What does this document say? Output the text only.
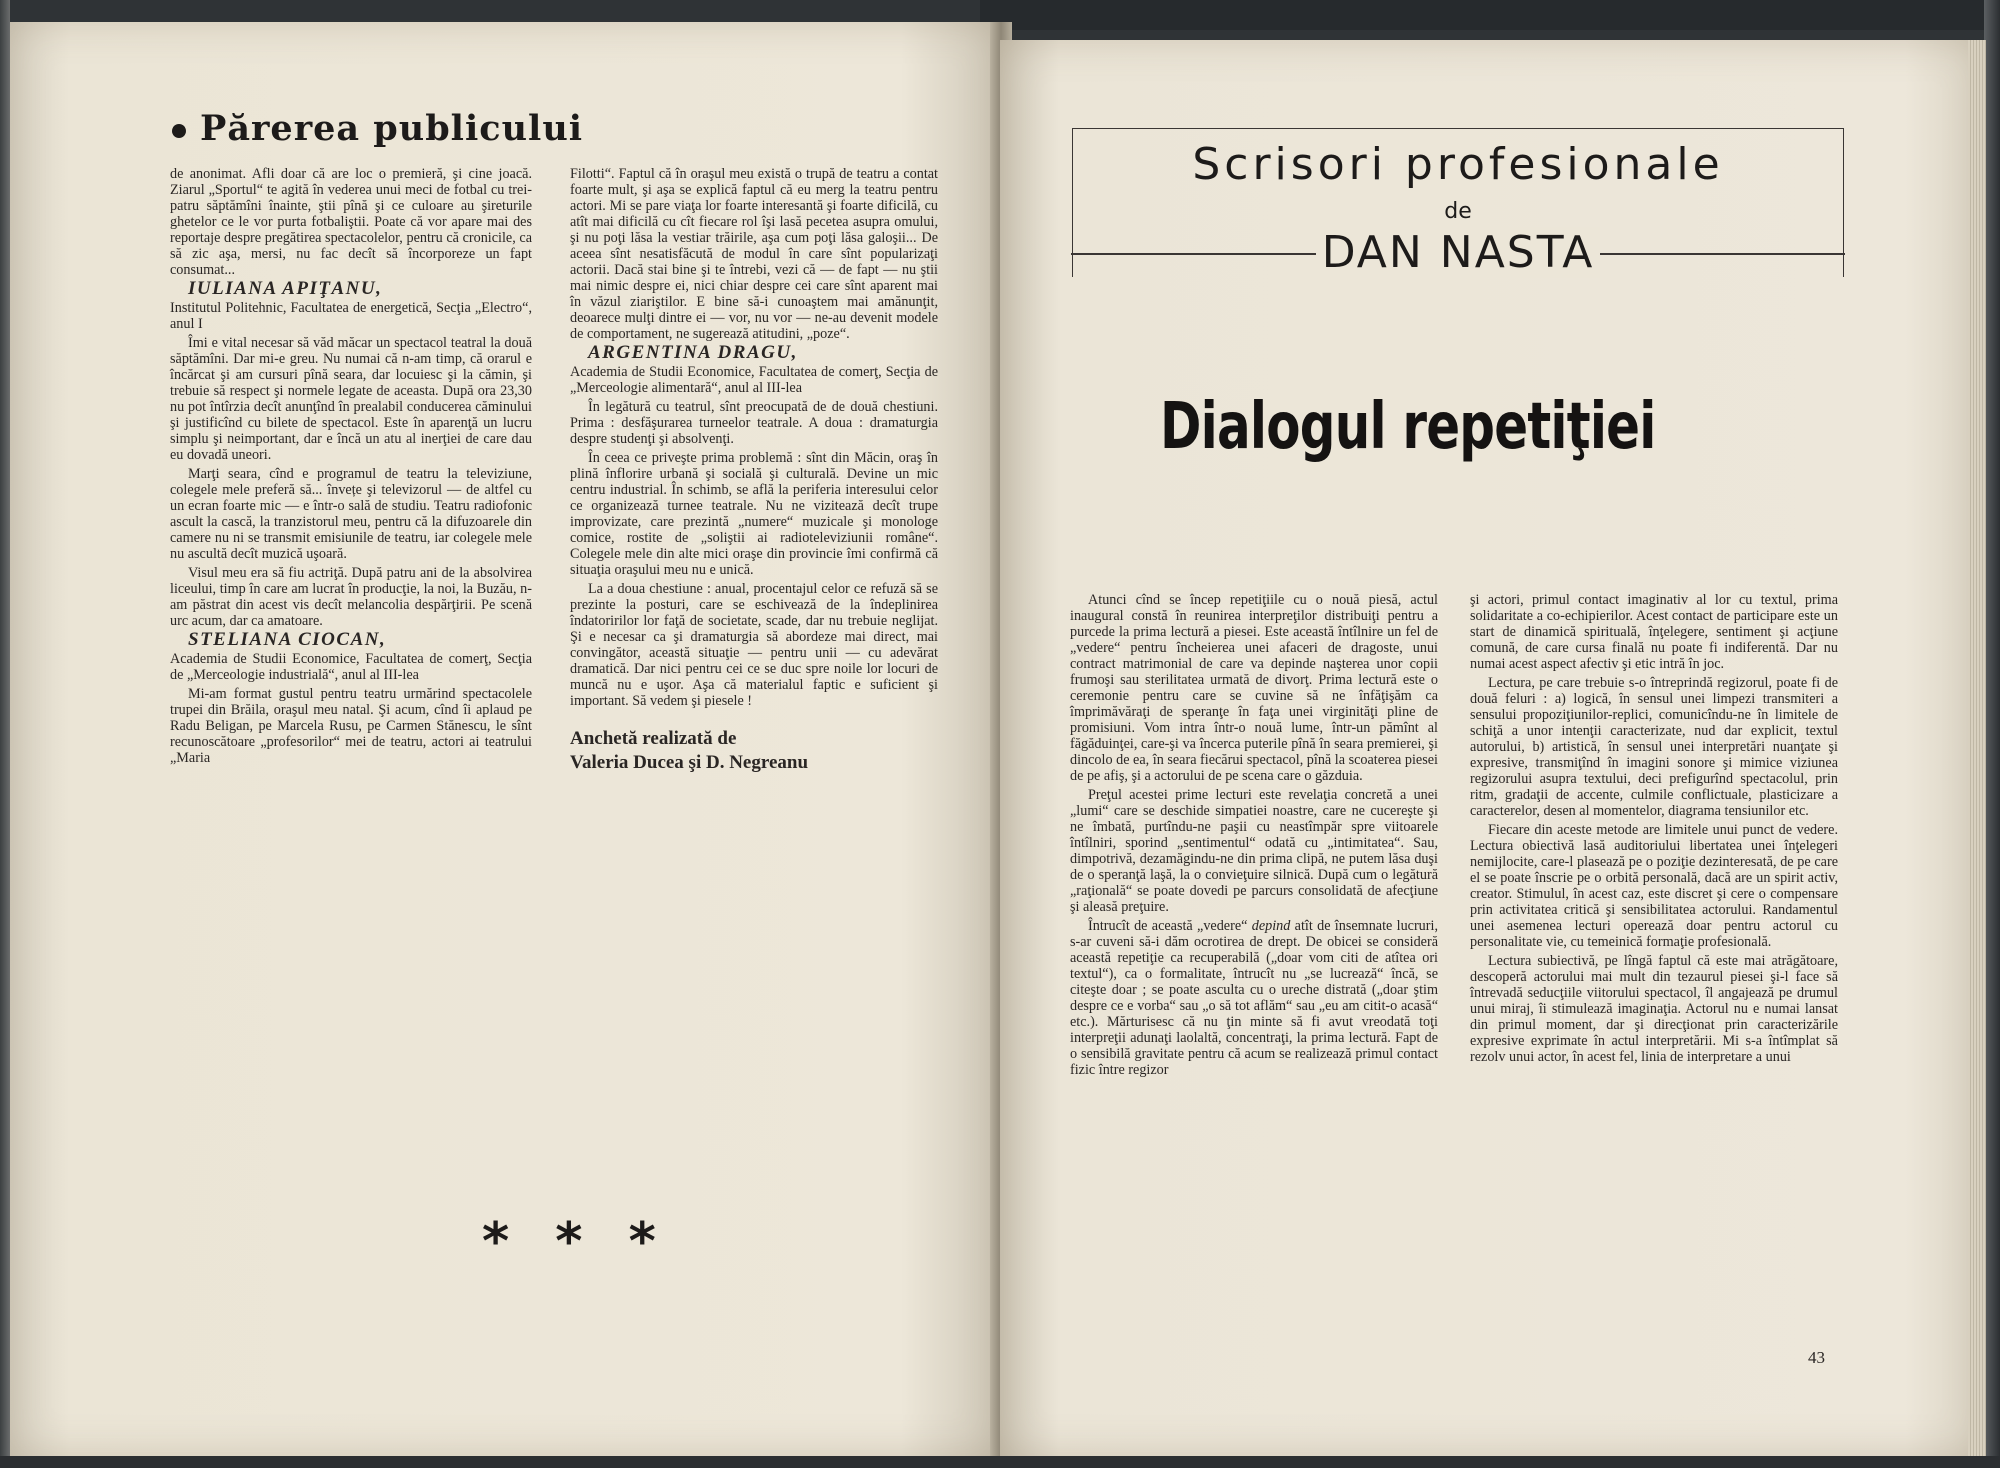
Părerea publicului

de anonimat. Afli doar că are loc o premieră, şi cine joacă. Ziarul „Sportul“ te agită în vederea unui meci de fotbal cu trei-patru săptămîni înainte, ştii pînă şi ce culoare au şireturile ghetelor ce le vor purta fotbaliştii. Poate că vor apare mai des reportaje despre pregătirea spectacolelor, pentru că cronicile, ca să zic aşa, mersi, nu fac decît să încorporeze un fapt consumat...

IULIANA APIŢANU,

Institutul Politehnic, Facultatea de energetică, Secţia „Electro“, anul I

Îmi e vital necesar să văd măcar un spectacol teatral la două săptămîni. Dar mi-e greu. Nu numai că n-am timp, că orarul e încărcat şi am cursuri pînă seara, dar locuiesc şi la cămin, şi trebuie să respect şi normele legate de aceasta. După ora 23,30 nu pot întîrzia decît anunţînd în prealabil conducerea căminului şi justificînd cu bilete de spectacol. Este în aparenţă un lucru simplu şi neimportant, dar e încă un atu al inerţiei de care dau eu dovadă uneori.

Marţi seara, cînd e programul de teatru la televiziune, colegele mele preferă să... învețe şi televizorul — de altfel cu un ecran foarte mic — e într-o sală de studiu. Teatru radiofonic ascult la cască, la tranzistorul meu, pentru că la difuzoarele din camere nu ni se transmit emisiunile de teatru, iar colegele mele nu ascultă decît muzică uşoară.

Visul meu era să fiu actriţă. După patru ani de la absolvirea liceului, timp în care am lucrat în producţie, la noi, la Buzău, n-am păstrat din acest vis decît melancolia despărţirii. Pe scenă urc acum, dar ca amatoare.

STELIANA CIOCAN,

Academia de Studii Economice, Facultatea de comerţ, Secţia de „Merceologie industrială“, anul al III-lea

Mi-am format gustul pentru teatru urmărind spectacolele trupei din Brăila, oraşul meu natal. Şi acum, cînd îi aplaud pe Radu Beligan, pe Marcela Rusu, pe Carmen Stănescu, le sînt recunoscătoare „profesorilor“ mei de teatru, actori ai teatrului „Maria

Filotti“. Faptul că în oraşul meu există o trupă de teatru a contat foarte mult, şi aşa se explică faptul că eu merg la teatru pentru actori. Mi se pare viaţa lor foarte interesantă şi foarte dificilă, cu atît mai dificilă cu cît fiecare rol îşi lasă pecetea asupra omului, şi nu poţi lăsa la vestiar trăirile, aşa cum poţi lăsa galoşii... De aceea sînt nesatisfăcută de modul în care sînt popularizaţi actorii. Dacă stai bine şi te întrebi, vezi că — de fapt — nu ştii mai nimic despre ei, nici chiar despre cei care sînt aparent mai în văzul ziariştilor. E bine să-i cunoaştem mai amănunţit, deoarece mulţi dintre ei — vor, nu vor — ne-au devenit modele de comportament, ne sugerează atitudini, „poze“.

ARGENTINA DRAGU,

Academia de Studii Economice, Facultatea de comerţ, Secţia de „Merceologie alimentară“, anul al III-lea

În legătură cu teatrul, sînt preocupată de de două chestiuni. Prima : desfăşurarea turneelor teatrale. A doua : dramaturgia despre studenţi şi absolvenţi.

În ceea ce priveşte prima problemă : sînt din Măcin, oraş în plină înflorire urbană şi socială şi culturală. Devine un mic centru industrial. În schimb, se află la periferia interesului celor ce organizează turnee teatrale. Nu ne vizitează decît trupe improvizate, care prezintă „numere“ muzicale şi monologe comice, rostite de „soliştii ai radioteleviziunii române“. Colegele mele din alte mici oraşe din provincie îmi confirmă că situaţia oraşului meu nu e unică.

La a doua chestiune : anual, procentajul celor ce refuză să se prezinte la posturi, care se eschivează de la îndeplinirea îndatoririlor lor faţă de societate, scade, dar nu trebuie neglijat. Şi e necesar ca şi dramaturgia să abordeze mai direct, mai convingător, această situaţie — pentru unii — cu adevărat dramatică. Dar nici pentru cei ce se duc spre noile lor locuri de muncă nu e uşor. Aşa că materialul faptic e suficient şi important. Să vedem şi piesele !

Anchetă realizată de
Valeria Ducea şi D. Negreanu
* * *
Scrisori profesionale
de
DAN NASTA
Dialogul repetiţiei

Atunci cînd se încep repetiţiile cu o nouă piesă, actul inaugural constă în reunirea interpreţilor distribuiţi pentru a purcede la prima lectură a piesei. Este această întîlnire un fel de „vedere“ pentru încheierea unei afaceri de dragoste, unui contract matrimonial de care va depinde naşterea unor copii frumoşi sau sterilitatea urmată de divorţ. Prima lectură este o ceremonie pentru care se cuvine să ne înfăţişăm ca împrimăvăraţi de speranţe în faţa unei virginităţi pline de promisiuni. Vom intra într-o nouă lume, într-un pămînt al făgăduinţei, care-şi va încerca puterile pînă în seara premierei, şi dincolo de ea, în seara fiecărui spectacol, pînă la scoaterea piesei de pe afiş, şi a actorului de pe scena care o găzduia.

Preţul acestei prime lecturi este revelaţia concretă a unei „lumi“ care se deschide simpatiei noastre, care ne cucereşte şi ne îmbată, purtîndu-ne paşii cu neastîmpăr spre viitoarele întîlniri, sporind „sentimentul“ odată cu „intimitatea“. Sau, dimpotrivă, dezamăgindu-ne din prima clipă, ne putem lăsa duşi de o speranţă laşă, la o convieţuire silnică. După cum o legătură „raţională“ se poate dovedi pe parcurs consolidată de afecţiune şi aleasă preţuire.

Întrucît de această „vedere“ depind atît de însemnate lucruri, s-ar cuveni să-i dăm ocrotirea de drept. De obicei se consideră această repetiţie ca recuperabilă („doar vom citi de atîtea ori textul“), ca o formalitate, întrucît nu „se lucrează“ încă, se citeşte doar ; se poate asculta cu o ureche distrată („doar ştim despre ce e vorba“ sau „o să tot aflăm“ sau „eu am citit-o acasă“ etc.). Mărturisesc că nu ţin minte să fi avut vreodată toţi interpreţii adunaţi laolaltă, concentraţi, la prima lectură. Fapt de o sensibilă gravitate pentru că acum se realizează primul contact fizic între regizor

şi actori, primul contact imaginativ al lor cu textul, prima solidaritate a co-echipierilor. Acest contact de participare este un start de dinamică spirituală, înţelegere, sentiment şi acţiune comună, de care cursa finală nu poate fi indiferentă. Dar nu numai acest aspect afectiv şi etic intră în joc.

Lectura, pe care trebuie s-o întreprindă regizorul, poate fi de două feluri : a) logică, în sensul unei limpezi transmiteri a sensului propoziţiunilor-replici, comunicîndu-ne în limitele de schiţă a unor intenţii caracterizate, nud dar explicit, textul autorului, b) artistică, în sensul unei interpretări nuanţate şi expresive, transmiţînd în imagini sonore şi mimice viziunea regizorului asupra textului, deci prefigurînd spectacolul, prin ritm, gradaţii de accente, culmile conflictuale, plasticizare a caracterelor, desen al momentelor, diagrama tensiunilor etc.

Fiecare din aceste metode are limitele unui punct de vedere. Lectura obiectivă lasă auditoriului libertatea unei înţelegeri nemijlocite, care-l plasează pe o poziţie dezinteresată, de pe care el se poate înscrie pe o orbită personală, dacă are un spirit activ, creator. Stimulul, în acest caz, este discret şi cere o compensare prin activitatea critică şi sensibilitatea actorului. Randamentul unei asemenea lecturi operează doar pentru actorul cu personalitate vie, cu temeinică formaţie profesională.

Lectura subiectivă, pe lîngă faptul că este mai atrăgătoare, descoperă actorului mai mult din tezaurul piesei şi-l face să întrevadă seducţiile viitorului spectacol, îl angajează pe drumul unui miraj, îi stimulează imaginaţia. Actorul nu e numai lansat din primul moment, dar şi direcţionat prin caracterizările expresive exprimate în actul interpretării. Mi s-a întîmplat să rezolv unui actor, în acest fel, linia de interpretare a unui

43
